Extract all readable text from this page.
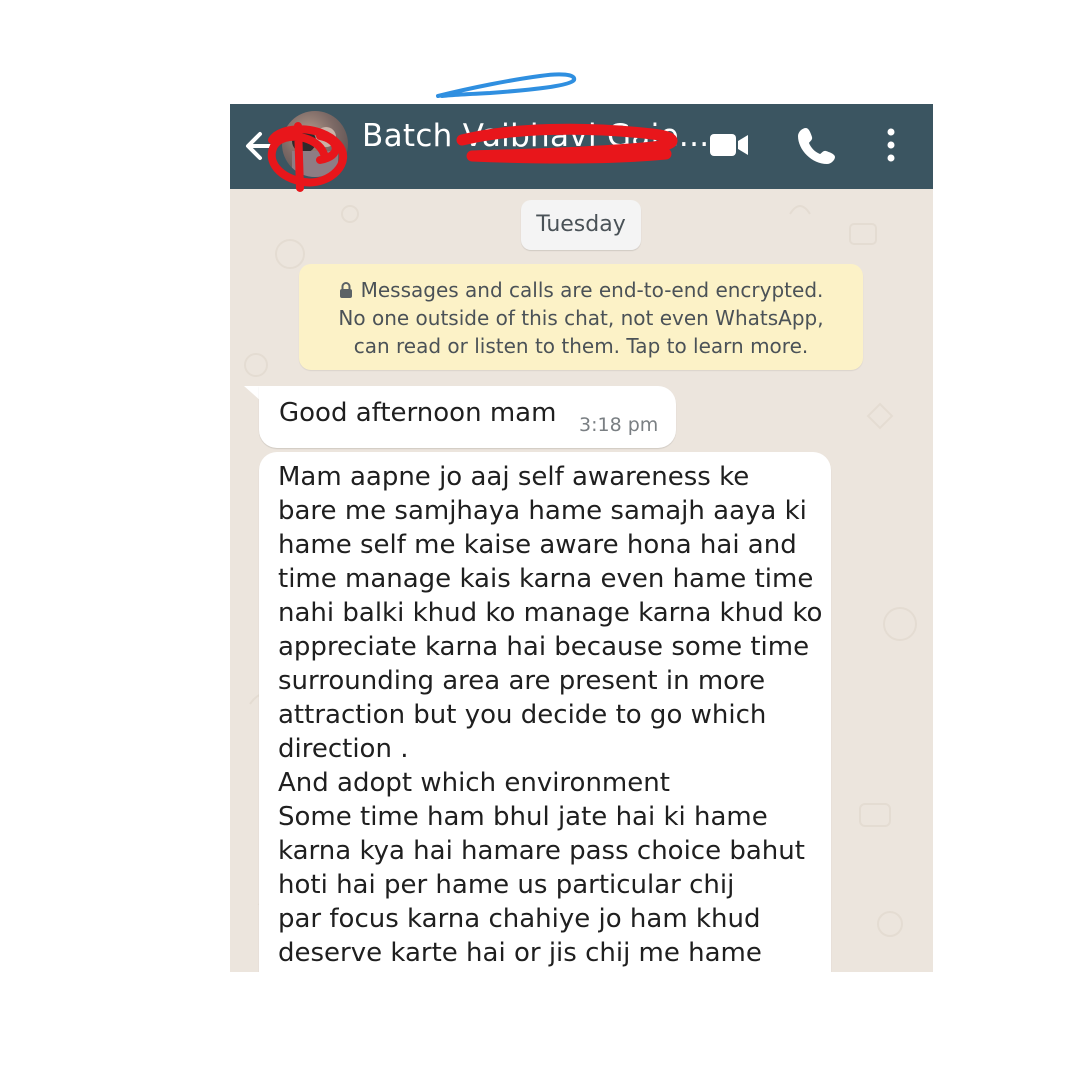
Batch Vaibhavi Gaje...
Tuesday
Messages and calls are end-to-end encrypted.
No one outside of this chat, not even WhatsApp,
can read or listen to them. Tap to learn more.
Good afternoon mam 3:18 pm
Mam aapne jo aaj self awareness ke
bare me samjhaya hame samajh aaya ki
hame self me kaise aware hona hai and
time manage kais karna even hame time
nahi balki khud ko manage karna khud ko
appreciate karna hai because some time
surrounding area are present in more
attraction but you decide to go which
direction .
And adopt which environment
Some time ham bhul jate hai ki hame
karna kya hai hamare pass choice bahut
hoti hai per hame us particular chij
par focus karna chahiye jo ham khud
deserve karte hai or jis chij me hame
